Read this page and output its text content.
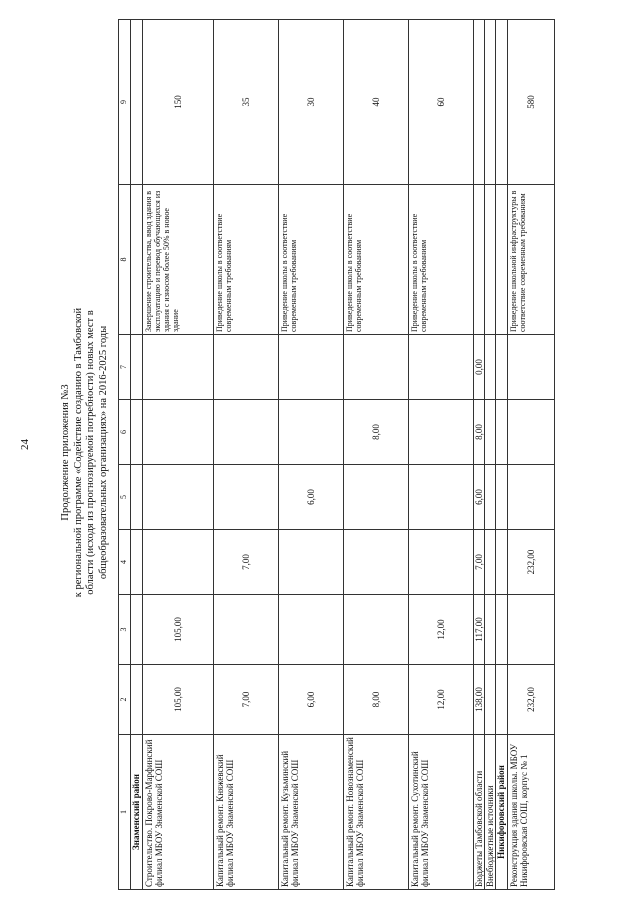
24	Продолжение приложения №3 к региональной программе «Содействие созданию в Тамбовской области (исходя из прогнозируемой потребности) новых мест в общеобразовательных организациях» на 2016-2025 годы
1	2	3	4	5	6	7	8	9
Знаменский район								
Строительство. Покрово-Марфинский филиал МБОУ Знаменской СОШ	105,00	105,00					Завершение строительства, ввод здания в эксплуатацию и перевод обучающихся из здания с износом более 50% в новое здание	150
Капитальный ремонт. Княжевский филиал МБОУ Знаменской СОШ	7,00		7,00				Приведение школы в соответствие современным требованиям	35
Капитальный ремонт. Кузьминский филиал МБОУ Знаменской СОШ	6,00			6,00			Приведение школы в соответствие современным требованиям	30
Капитальный ремонт. Новознаменский филиал МБОУ Знаменской СОШ	8,00				8,00		Приведение школы в соответствие современным требованиям	40
Капитальный ремонт. Сухотинский филиал МБОУ Знаменской СОШ	12,00	12,00					Приведение школы в соответствие современным требованиям	60
Бюджеты Тамбовской области	138,00	117,00	7,00	6,00	8,00	0,00		
Внебюджетные источники								
Никифоровский район								
Реконструкция здания школы. МБОУ Никифоровская СОШ, корпус № 1	232,00		232,00				Приведение школьной инфраструктуры в соответствие современным требованиям	580
